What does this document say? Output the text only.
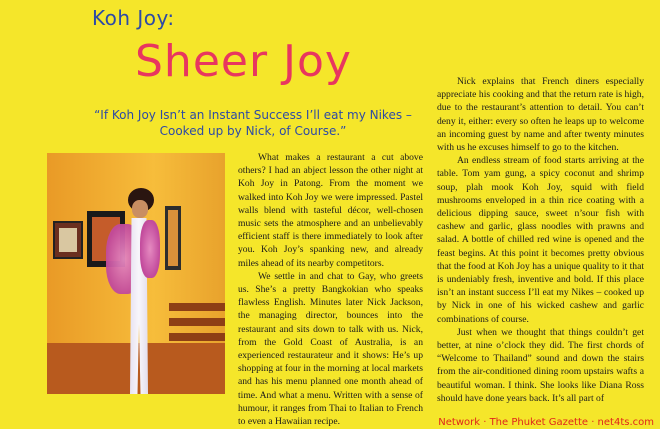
Koh Joy:
Sheer Joy
“If Koh Joy Isn’t an Instant Success I’ll eat my Nikes – Cooked up by Nick, of Course.”

What makes a restaurant a cut above others? I had an abject lesson the other night at Koh Joy in Patong. From the moment we walked into Koh Joy we were impressed. Pastel walls blend with tasteful décor, well-chosen music sets the atmosphere and an unbelievably efficient staff is there immediately to look after you. Koh Joy’s spanking new, and already miles ahead of its nearby competitors.

We settle in and chat to Gay, who greets us. She’s a pretty Bangkokian who speaks flawless English. Minutes later Nick Jackson, the managing director, bounces into the restaurant and sits down to talk with us. Nick, from the Gold Coast of Australia, is an experienced restaurateur and it shows: He’s up shopping at four in the morning at local markets and has his menu planned one month ahead of time. And what a menu. Written with a sense of humour, it ranges from Thai to Italian to French to even a Hawaiian recipe.

Nick explains that French diners especially appreciate his cooking and that the return rate is high, due to the restaurant’s attention to detail. You can’t deny it, either: every so often he leaps up to welcome an incoming guest by name and after twenty minutes with us he excuses himself to go to the kitchen.

An endless stream of food starts arriving at the table. Tom yam gung, a spicy coconut and shrimp soup, plah mook Koh Joy, squid with field mushrooms enveloped in a thin rice coating with a delicious dipping sauce, sweet n’sour fish with cashew and garlic, glass noodles with prawns and salad. A bottle of chilled red wine is opened and the feast begins. At this point it becomes pretty obvious that the food at Koh Joy has a unique quality to it that is undeniably fresh, inventive and bold. If this place isn’t an instant success I’ll eat my Nikes – cooked up by Nick in one of his wicked cashew and garlic combinations of course.

Just when we thought that things couldn’t get better, at nine o’clock they did. The first chords of “Welcome to Thailand” sound and down the stairs from the air-conditioned dining room upstairs wafts a beautiful woman. I think. She looks like Diana Ross should have done years back. It’s all part of

Network · The Phuket Gazette · net4ts.com
